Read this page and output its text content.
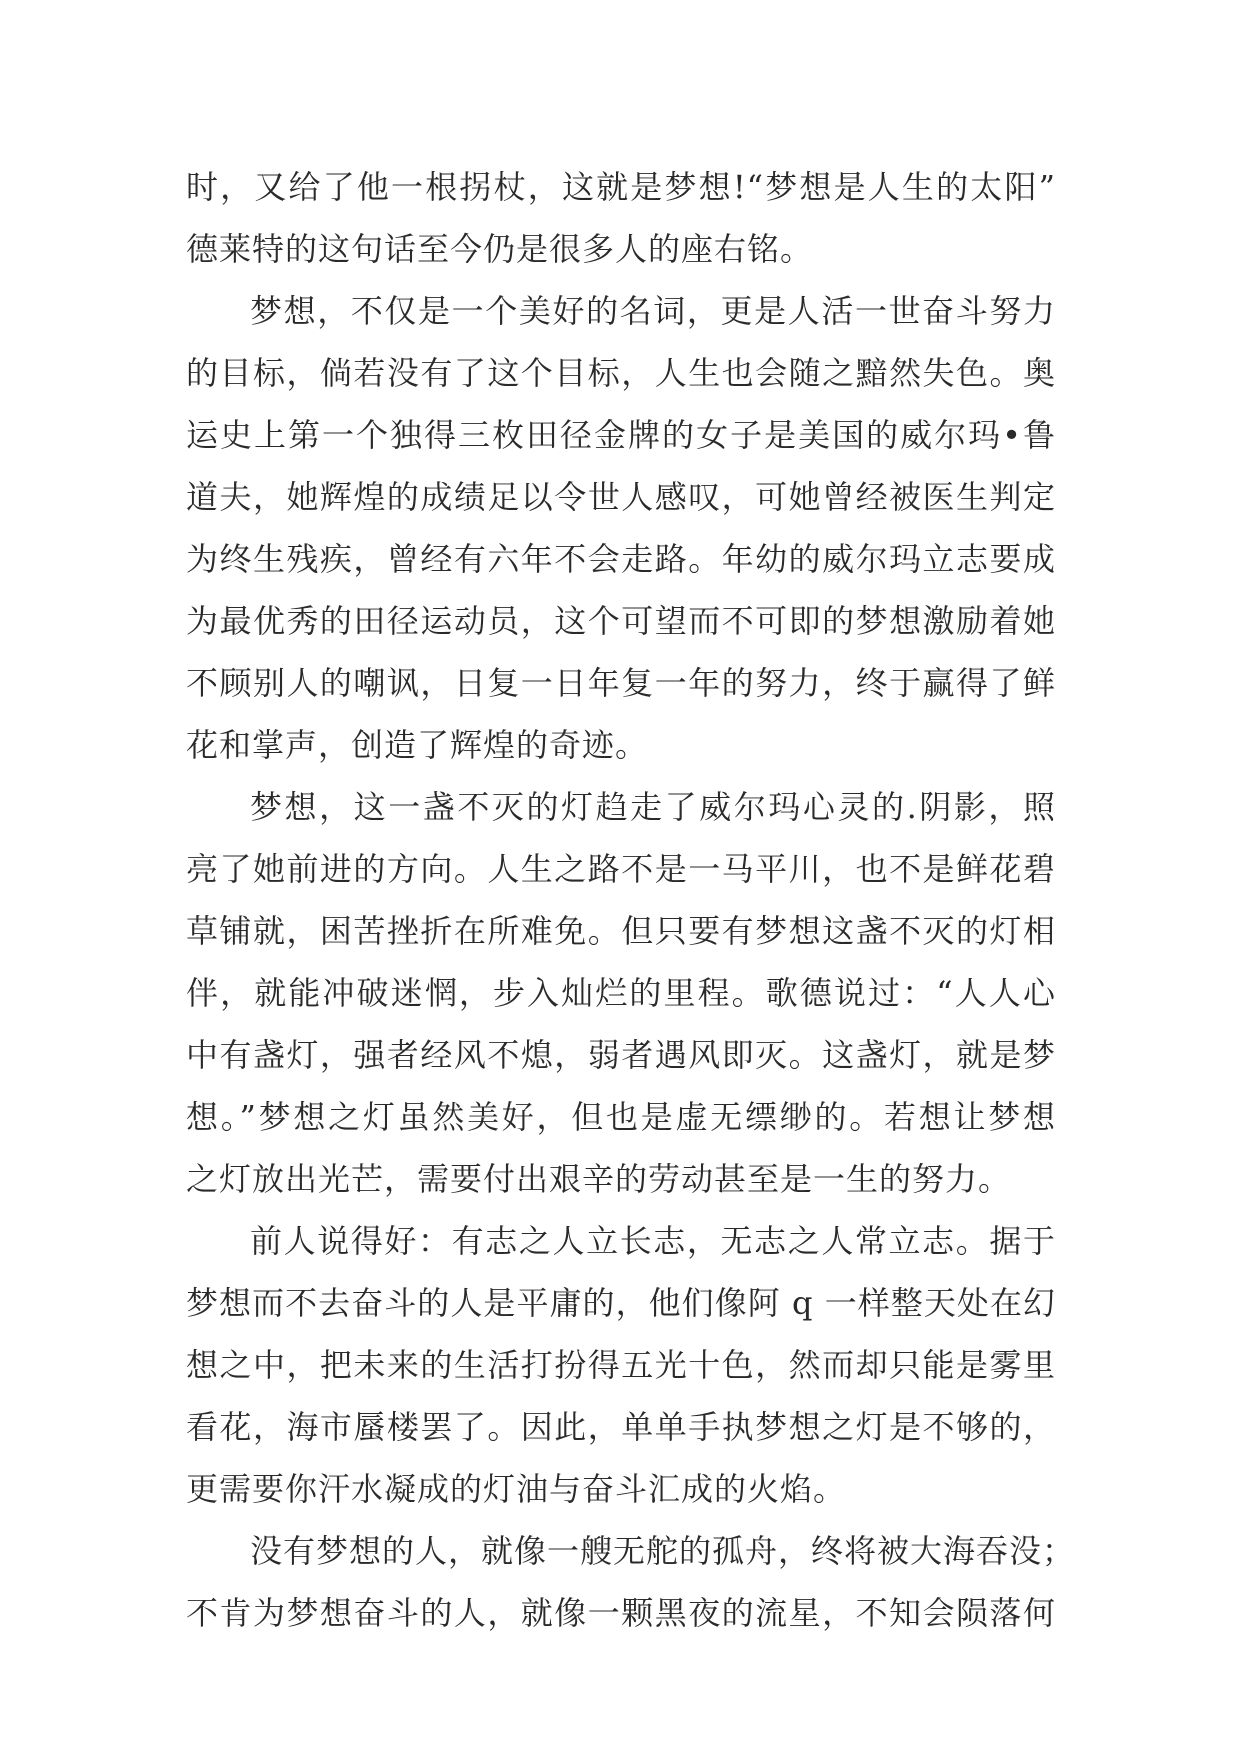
时，又给了他一根拐杖，这就是梦想!“梦想是人生的太阳”
德莱特的这句话至今仍是很多人的座右铭。
梦想，不仅是一个美好的名词，更是人活一世奋斗努力
的目标，倘若没有了这个目标，人生也会随之黯然失色。奥
运史上第一个独得三枚田径金牌的女子是美国的威尔玛•鲁
道夫，她辉煌的成绩足以令世人感叹，可她曾经被医生判定
为终生残疾，曾经有六年不会走路。年幼的威尔玛立志要成
为最优秀的田径运动员，这个可望而不可即的梦想激励着她
不顾别人的嘲讽，日复一日年复一年的努力，终于赢得了鲜
花和掌声，创造了辉煌的奇迹。
梦想，这一盏不灭的灯趋走了威尔玛心灵的.阴影，照
亮了她前进的方向。人生之路不是一马平川，也不是鲜花碧
草铺就，困苦挫折在所难免。但只要有梦想这盏不灭的灯相
伴，就能冲破迷惘，步入灿烂的里程。歌德说过：“人人心
中有盏灯，强者经风不熄，弱者遇风即灭。这盏灯，就是梦
想。”梦想之灯虽然美好，但也是虚无缥缈的。若想让梦想
之灯放出光芒，需要付出艰辛的劳动甚至是一生的努力。
前人说得好：有志之人立长志，无志之人常立志。据于
梦想而不去奋斗的人是平庸的，他们像阿 q 一样整天处在幻
想之中，把未来的生活打扮得五光十色，然而却只能是雾里
看花，海市蜃楼罢了。因此，单单手执梦想之灯是不够的，
更需要你汗水凝成的灯油与奋斗汇成的火焰。
没有梦想的人，就像一艘无舵的孤舟，终将被大海吞没；
不肯为梦想奋斗的人，就像一颗黑夜的流星，不知会陨落何
